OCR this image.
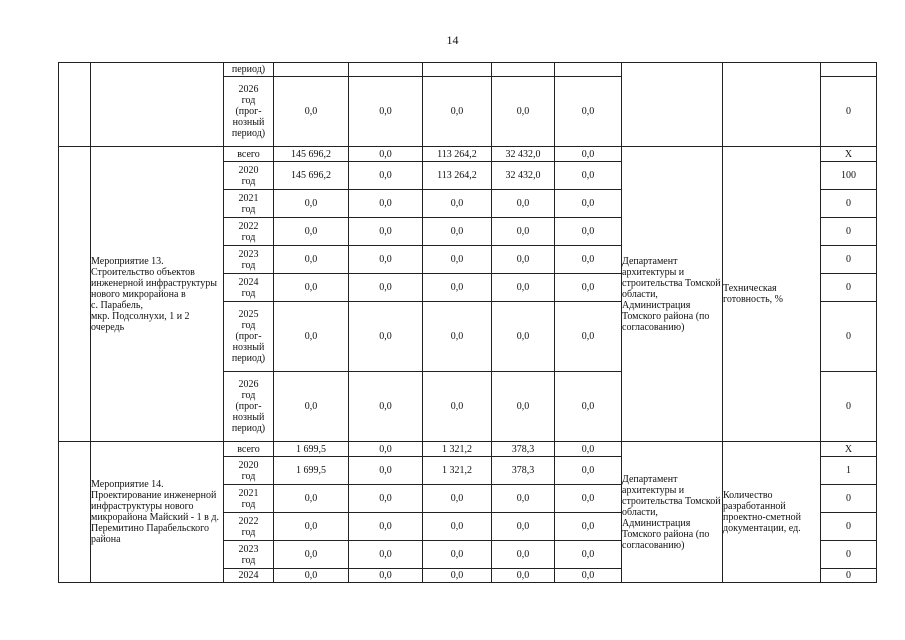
14
		период)								
		2026
год
(прог-
нозный
период)	0,0	0,0	0,0	0,0	0,0			0
	Мероприятие 13.
Строительство объектов инженерной инфраструктуры нового микрорайона в
с. Парабель,
мкр. Подсолнухи, 1 и 2 очередь	всего	145 696,2	0,0	113 264,2	32 432,0	0,0	Департамент архитектуры и строительства Томской области, Администрация Томского района (по согласованию)	Техническая готовность, %	X
		2020
год	145 696,2	0,0	113 264,2	32 432,0	0,0			100
		2021
год	0,0	0,0	0,0	0,0	0,0			0
		2022
год	0,0	0,0	0,0	0,0	0,0			0
		2023
год	0,0	0,0	0,0	0,0	0,0			0
		2024
год	0,0	0,0	0,0	0,0	0,0			0
		2025
год
(прог-
нозный
период)	0,0	0,0	0,0	0,0	0,0			0
		2026
год
(прог-
нозный
период)	0,0	0,0	0,0	0,0	0,0			0
	Мероприятие 14.
Проектирование инженерной инфраструктуры нового микрорайона Майский - 1 в д. Перемитино Парабельского района	всего	1 699,5	0,0	1 321,2	378,3	0,0	Департамент архитектуры и строительства Томской области, Администрация Томского района (по согласованию)	Количество разработанной проектно-сметной документации, ед.	X
		2020
год	1 699,5	0,0	1 321,2	378,3	0,0			1
		2021
год	0,0	0,0	0,0	0,0	0,0			0
		2022
год	0,0	0,0	0,0	0,0	0,0			0
		2023
год	0,0	0,0	0,0	0,0	0,0			0
		2024	0,0	0,0	0,0	0,0	0,0			0
